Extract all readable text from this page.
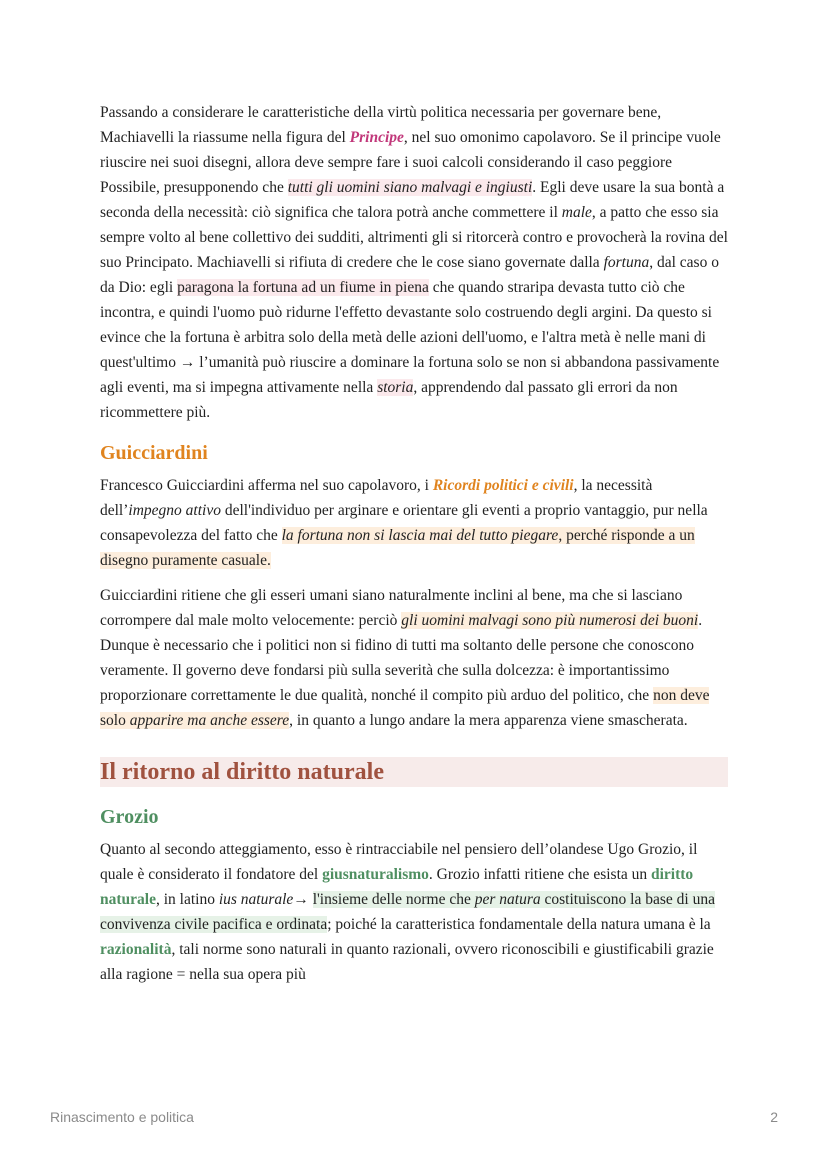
Passando a considerare le caratteristiche della virtù politica necessaria per governare bene, Machiavelli la riassume nella figura del Principe, nel suo omonimo capolavoro. Se il principe vuole riuscire nei suoi disegni, allora deve sempre fare i suoi calcoli considerando il caso peggiore Possibile, presupponendo che tutti gli uomini siano malvagi e ingiusti. Egli deve usare la sua bontà a seconda della necessità: ciò significa che talora potrà anche commettere il male, a patto che esso sia sempre volto al bene collettivo dei sudditi, altrimenti gli si ritorcerà contro e provocherà la rovina del suo Principato. Machiavelli si rifiuta di credere che le cose siano governate dalla fortuna, dal caso o da Dio: egli paragona la fortuna ad un fiume in piena che quando straripa devasta tutto ciò che incontra, e quindi l'uomo può ridurne l'effetto devastante solo costruendo degli argini. Da questo si evince che la fortuna è arbitra solo della metà delle azioni dell'uomo, e l'altra metà è nelle mani di quest'ultimo → l’umanità può riuscire a dominare la fortuna solo se non si abbandona passivamente agli eventi, ma si impegna attivamente nella storia, apprendendo dal passato gli errori da non ricommettere più.

Guicciardini

Francesco Guicciardini afferma nel suo capolavoro, i Ricordi politici e civili, la necessità dell’impegno attivo dell'individuo per arginare e orientare gli eventi a proprio vantaggio, pur nella consapevolezza del fatto che la fortuna non si lascia mai del tutto piegare, perché risponde a un disegno puramente casuale.

Guicciardini ritiene che gli esseri umani siano naturalmente inclini al bene, ma che si lasciano corrompere dal male molto velocemente: perciò gli uomini malvagi sono più numerosi dei buoni. Dunque è necessario che i politici non si fidino di tutti ma soltanto delle persone che conoscono veramente. Il governo deve fondarsi più sulla severità che sulla dolcezza: è importantissimo proporzionare correttamente le due qualità, nonché il compito più arduo del politico, che non deve solo apparire ma anche essere, in quanto a lungo andare la mera apparenza viene smascherata.

Il ritorno al diritto naturale
Grozio

Quanto al secondo atteggiamento, esso è rintracciabile nel pensiero dell’olandese Ugo Grozio, il quale è considerato il fondatore del giusnaturalismo. Grozio infatti ritiene che esista un diritto naturale, in latino ius naturale→ l'insieme delle norme che per natura costituiscono la base di una convivenza civile pacifica e ordinata; poiché la caratteristica fondamentale della natura umana è la razionalità, tali norme sono naturali in quanto razionali, ovvero riconoscibili e giustificabili grazie alla ragione = nella sua opera più

Rinascimento e politica	2
